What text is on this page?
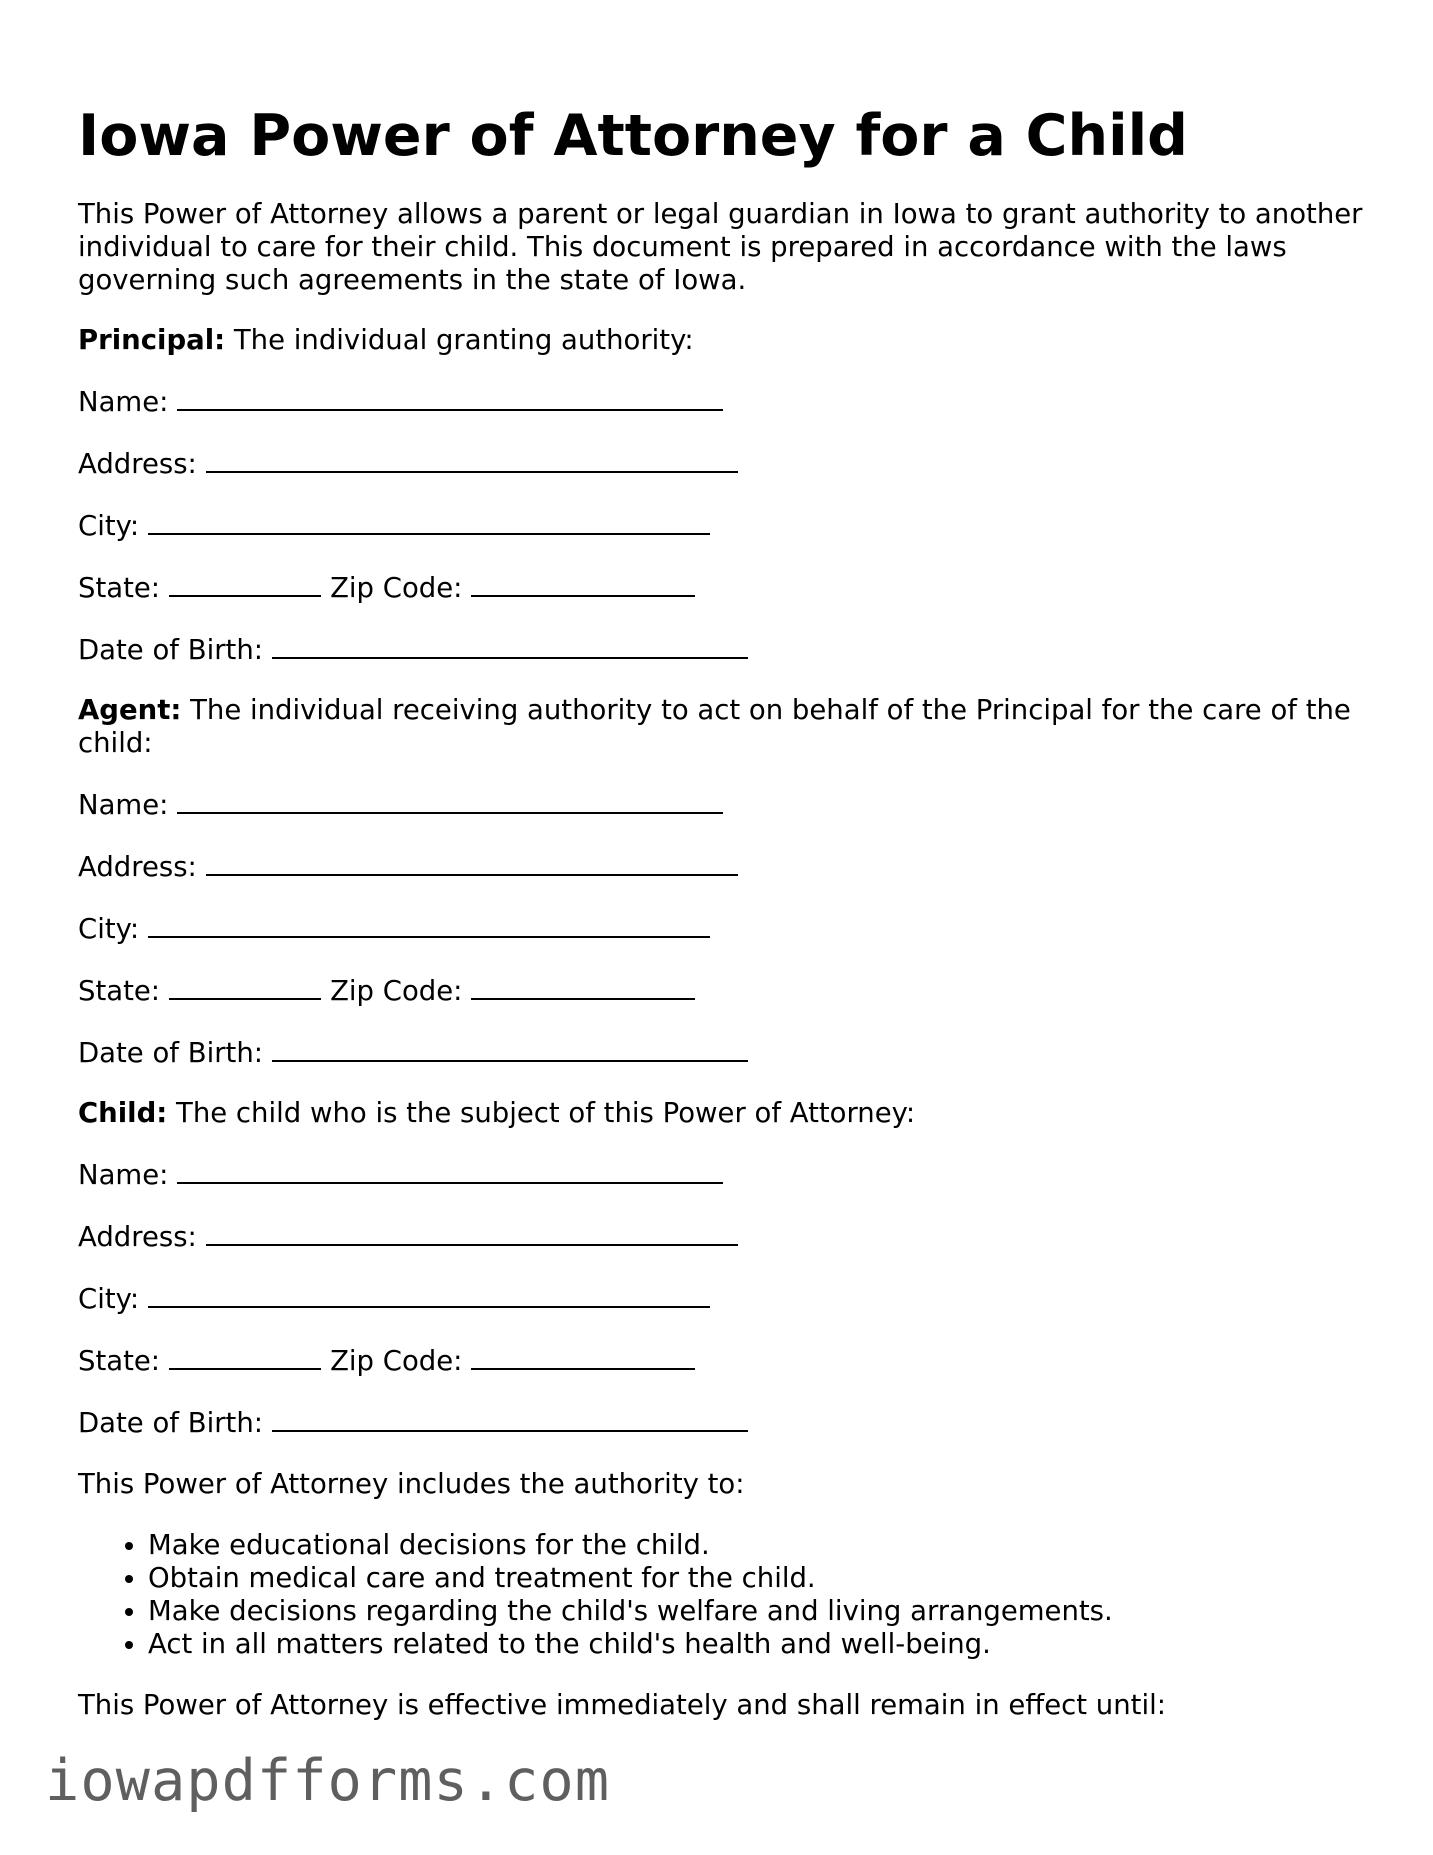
Iowa Power of Attorney for a Child

This Power of Attorney allows a parent or legal guardian in Iowa to grant authority to another individual to care for their child. This document is prepared in accordance with the laws governing such agreements in the state of Iowa.

Principal: The individual granting authority:

Name:
Address:
City:
State:	Zip Code:
Date of Birth:

Agent: The individual receiving authority to act on behalf of the Principal for the care of the child:

Name:
Address:
City:
State:	Zip Code:
Date of Birth:

Child: The child who is the subject of this Power of Attorney:

Name:
Address:
City:
State:	Zip Code:
Date of Birth:

This Power of Attorney includes the authority to:

• Make educational decisions for the child.
• Obtain medical care and treatment for the child.
• Make decisions regarding the child's welfare and living arrangements.
• Act in all matters related to the child's health and well-being.

This Power of Attorney is effective immediately and shall remain in effect until:

iowapdfforms.com
